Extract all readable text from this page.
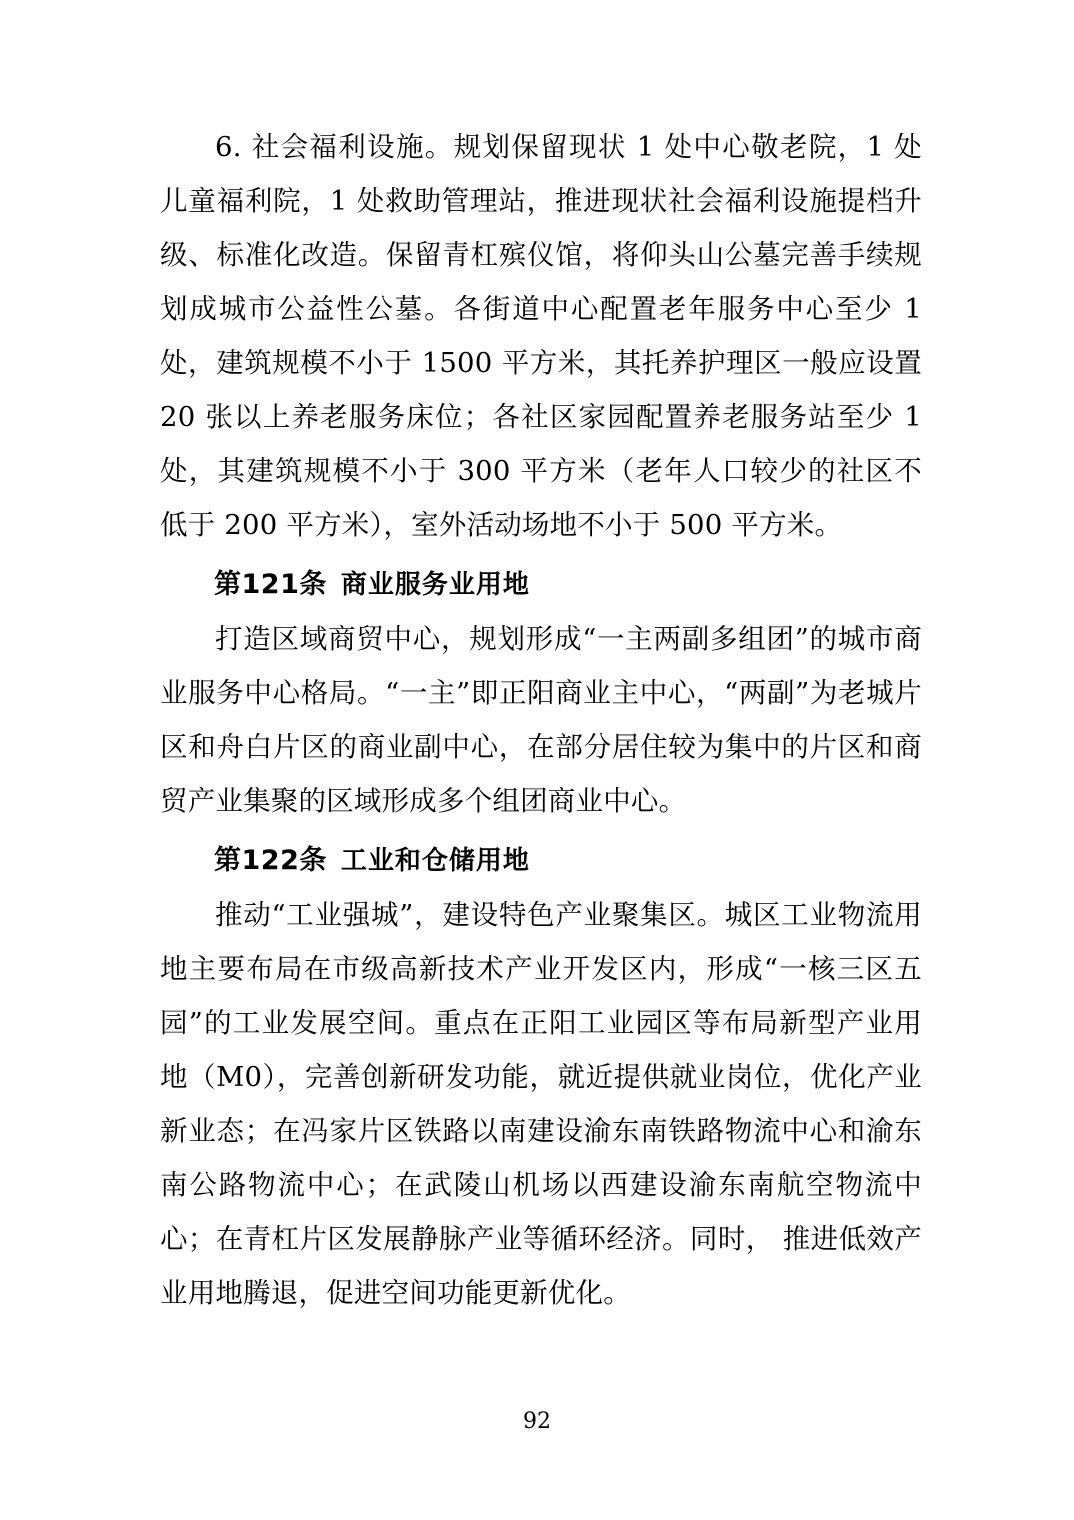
6. 社会福利设施。规划保留现状 1 处中心敬老院，1 处儿童福利院，1 处救助管理站，推进现状社会福利设施提档升级、标准化改造。保留青杠殡仪馆，将仰头山公墓完善手续规划成城市公益性公墓。各街道中心配置老年服务中心至少 1 处，建筑规模不小于 1500 平方米，其托养护理区一般应设置 20 张以上养老服务床位；各社区家园配置养老服务站至少 1 处，其建筑规模不小于 300 平方米（老年人口较少的社区不低于 200 平方米），室外活动场地不小于 500 平方米。

第121条 商业服务业用地

打造区域商贸中心，规划形成“一主两副多组团”的城市商业服务中心格局。“一主”即正阳商业主中心，“两副”为老城片区和舟白片区的商业副中心，在部分居住较为集中的片区和商贸产业集聚的区域形成多个组团商业中心。

第122条 工业和仓储用地

推动“工业强城”，建设特色产业聚集区。城区工业物流用地主要布局在市级高新技术产业开发区内，形成“一核三区五园”的工业发展空间。重点在正阳工业园区等布局新型产业用地（M0），完善创新研发功能，就近提供就业岗位，优化产业新业态；在冯家片区铁路以南建设渝东南铁路物流中心和渝东南公路物流中心；在武陵山机场以西建设渝东南航空物流中心；在青杠片区发展静脉产业等循环经济。同时， 推进低效产业用地腾退，促进空间功能更新优化。

92
